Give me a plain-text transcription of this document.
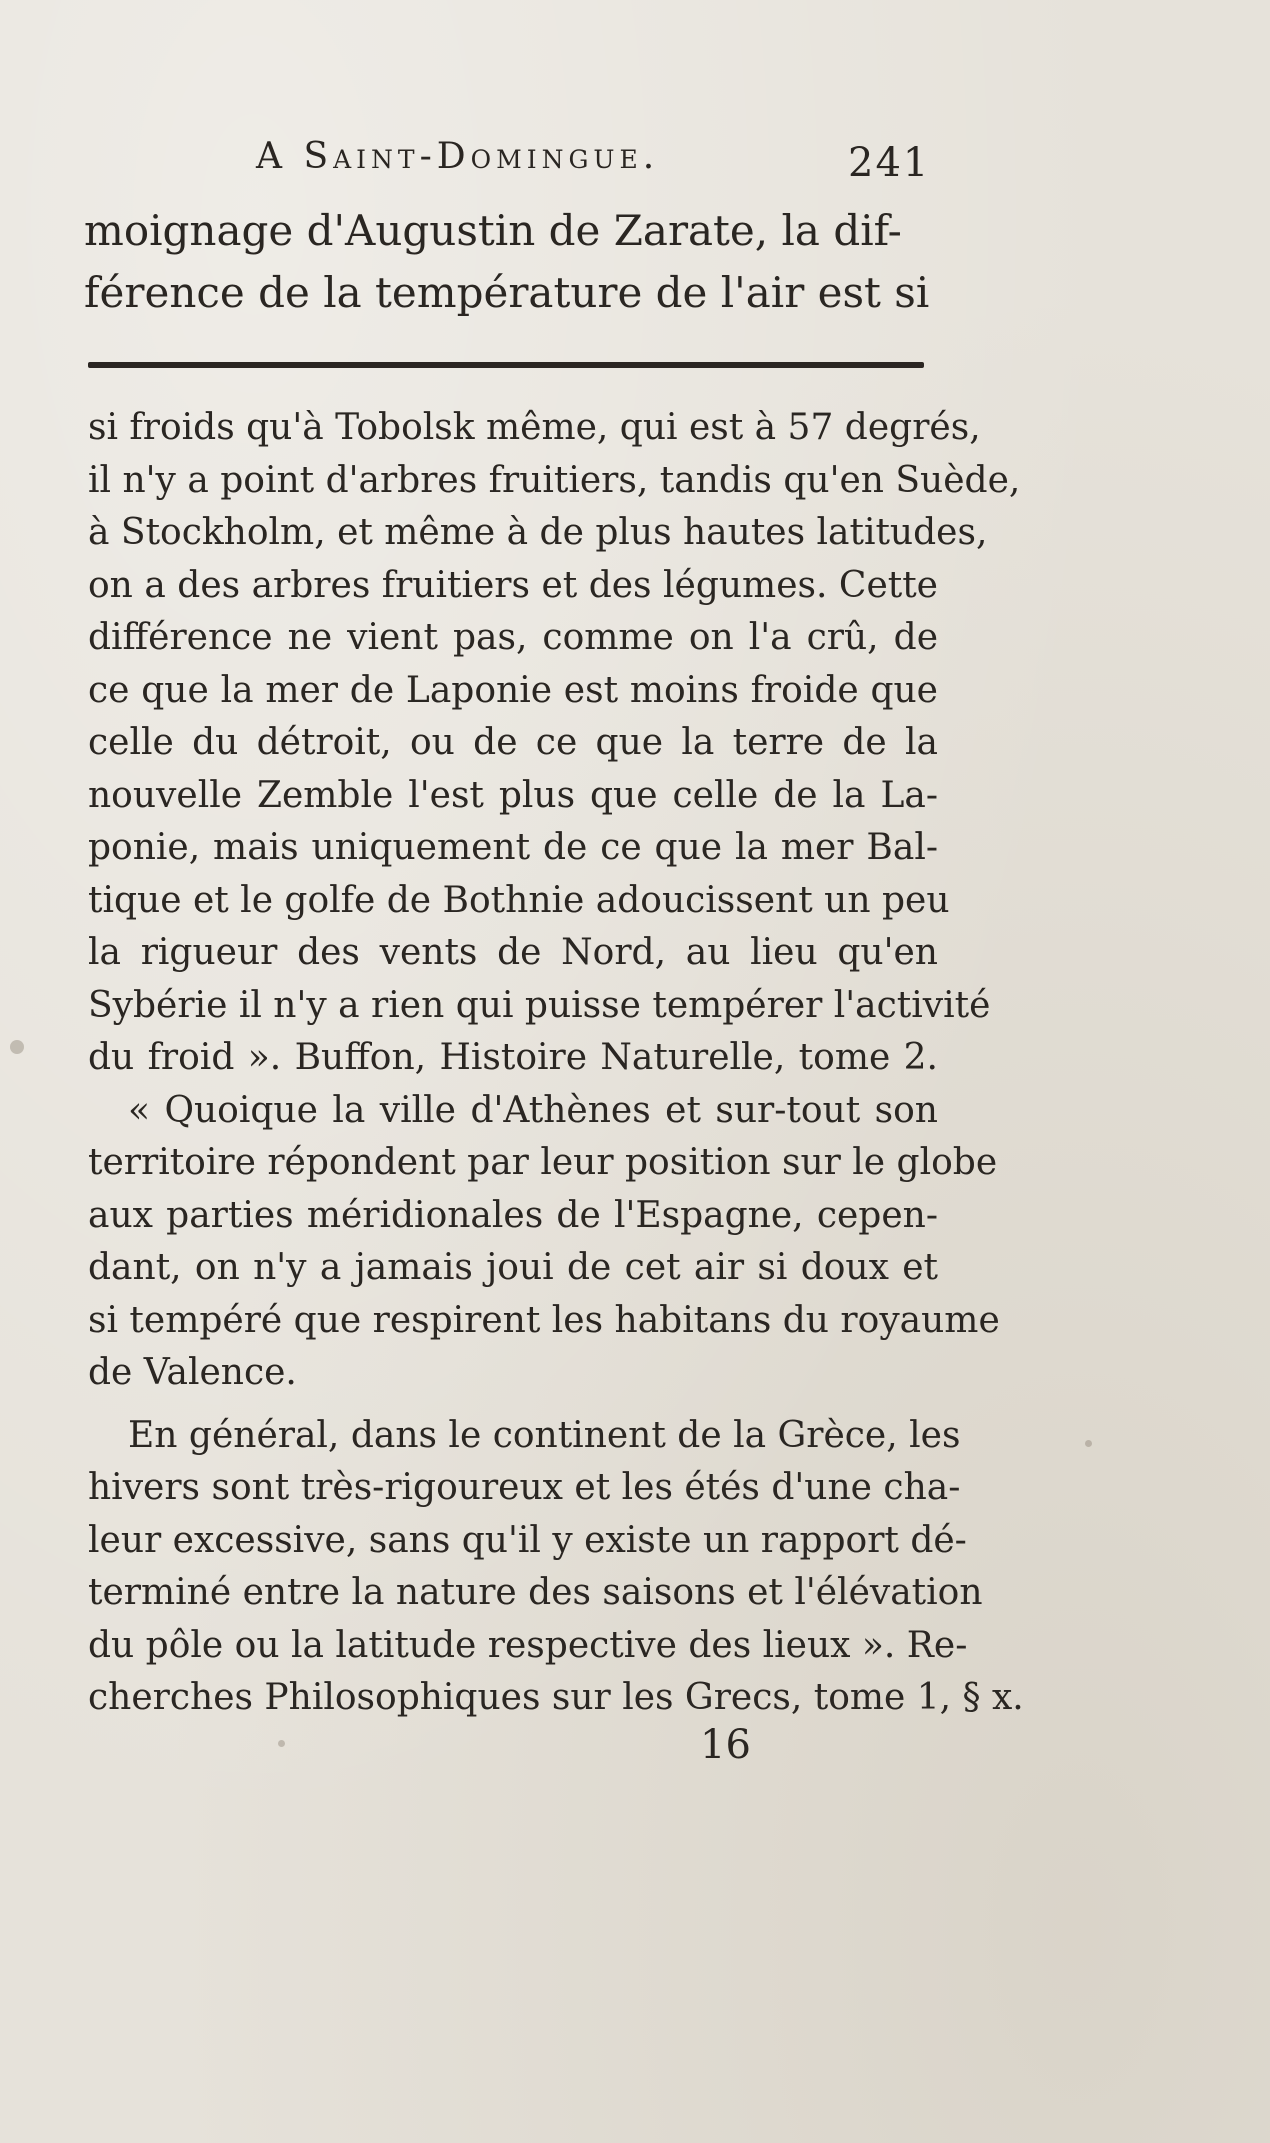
A Saint-Domingue.	241
moignage d'Augustin de Zarate, la dif-
férence de la température de l'air est si
si froids qu'à Tobolsk même, qui est à 57 degrés,
il n'y a point d'arbres fruitiers, tandis qu'en Suède,
à Stockholm, et même à de plus hautes latitudes,
on a des arbres fruitiers et des légumes. Cette
différence ne vient pas, comme on l'a crû, de
ce que la mer de Laponie est moins froide que
celle du détroit, ou de ce que la terre de la
nouvelle Zemble l'est plus que celle de la La-
ponie, mais uniquement de ce que la mer Bal-
tique et le golfe de Bothnie adoucissent un peu
la rigueur des vents de Nord, au lieu qu'en
Sybérie il n'y a rien qui puisse tempérer l'activité
du froid ». Buffon, Histoire Naturelle, tome 2.
« Quoique la ville d'Athènes et sur-tout son
territoire répondent par leur position sur le globe
aux parties méridionales de l'Espagne, cepen-
dant, on n'y a jamais joui de cet air si doux et
si tempéré que respirent les habitans du royaume
de Valence.
En général, dans le continent de la Grèce, les
hivers sont très-rigoureux et les étés d'une cha-
leur excessive, sans qu'il y existe un rapport dé-
terminé entre la nature des saisons et l'élévation
du pôle ou la latitude respective des lieux ». Re-
cherches Philosophiques sur les Grecs, tome 1, § x.
16
